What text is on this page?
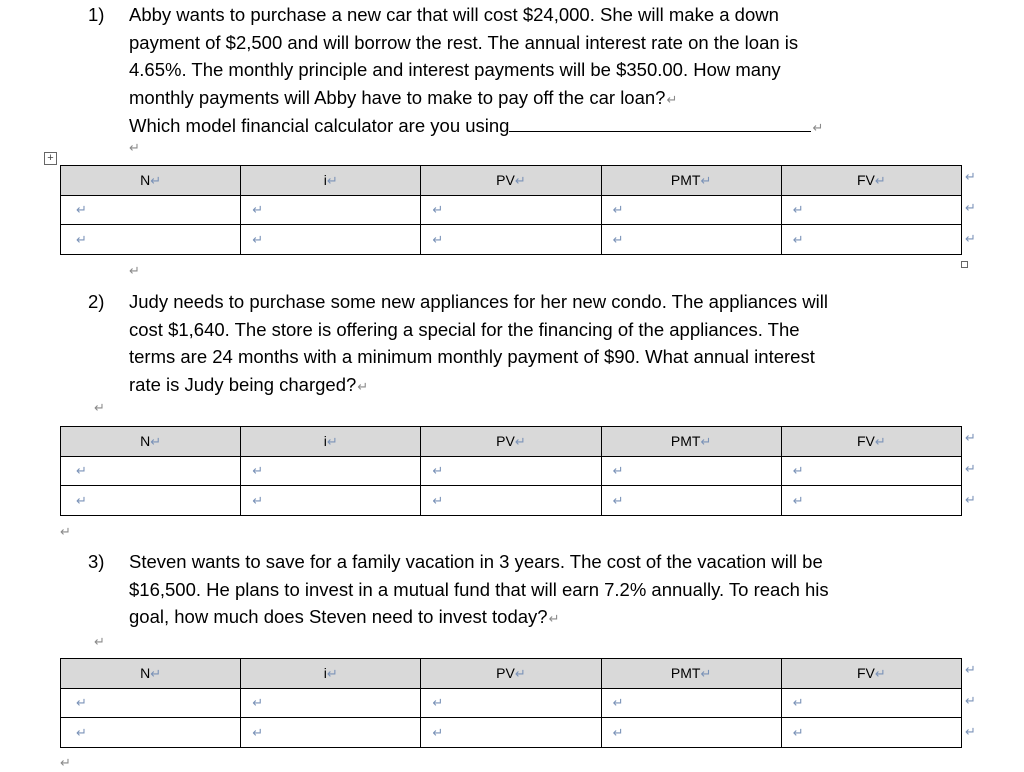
1)	Abby wants to purchase a new car that will cost $24,000. She will make a down
payment of $2,500 and will borrow the rest. The annual interest rate on the loan is
4.65%. The monthly principle and interest payments will be $350.00. How many
monthly payments will Abby have to make to pay off the car loan?↵
Which model financial calculator are you using	↵
↵
+
N↵	i↵	PV↵	PMT↵	FV↵
↵	↵	↵	↵	↵
↵	↵	↵	↵	↵
↵
↵
↵
↵
2)	Judy needs to purchase some new appliances for her new condo. The appliances will
cost $1,640. The store is offering a special for the financing of the appliances. The
terms are 24 months with a minimum monthly payment of $90. What annual interest
rate is Judy being charged?↵
↵
N↵	i↵	PV↵	PMT↵	FV↵
↵	↵	↵	↵	↵
↵	↵	↵	↵	↵
↵
↵
↵
↵
3)	Steven wants to save for a family vacation in 3 years. The cost of the vacation will be
$16,500. He plans to invest in a mutual fund that will earn 7.2% annually. To reach his
goal, how much does Steven need to invest today?↵
↵
N↵	i↵	PV↵	PMT↵	FV↵
↵	↵	↵	↵	↵
↵	↵	↵	↵	↵
↵
↵
↵
↵
